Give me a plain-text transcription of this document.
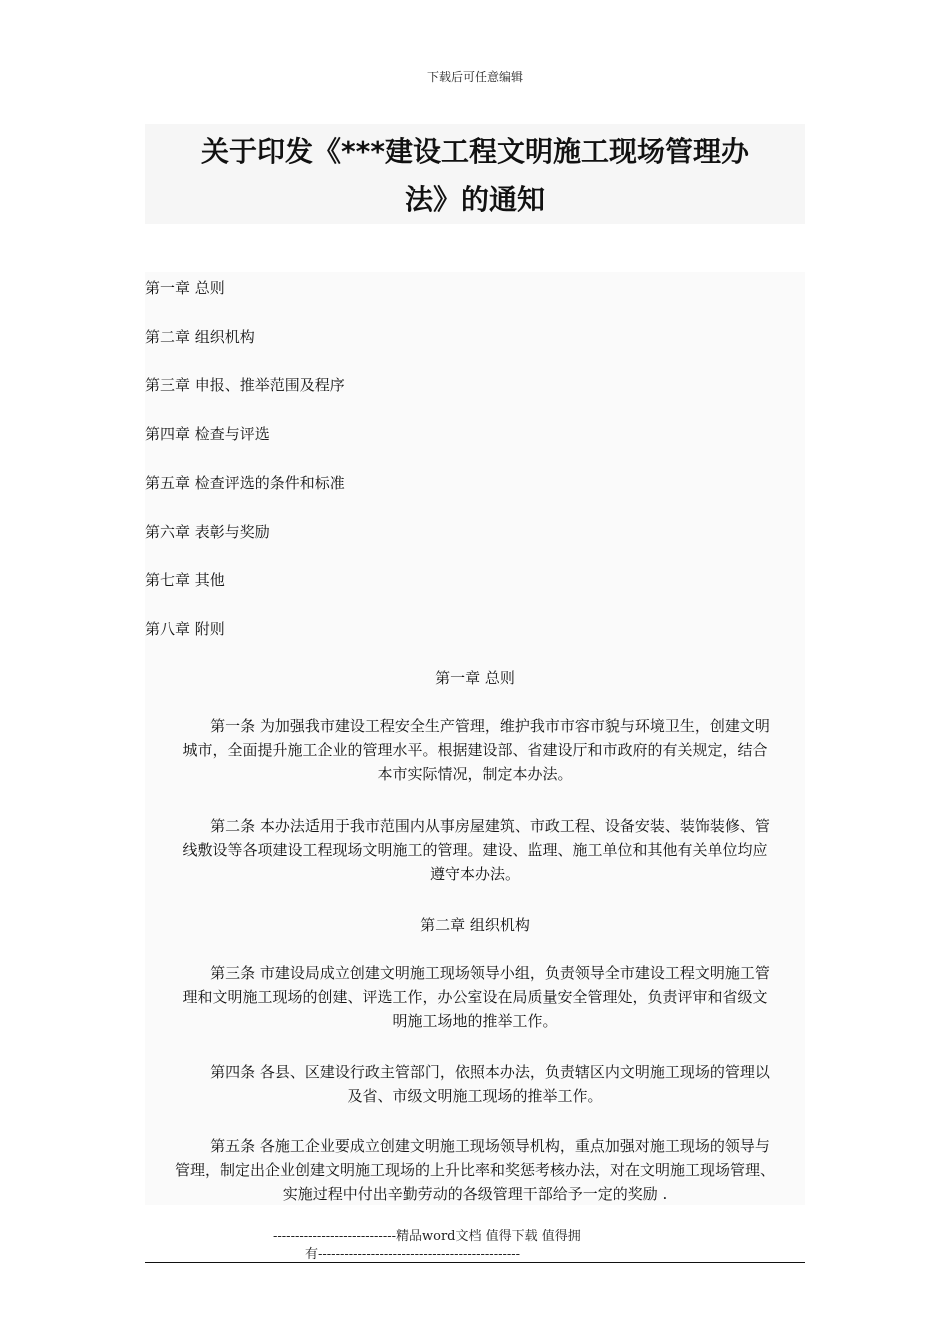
下载后可任意编辑
关于印发《***建设工程文明施工现场管理办
法》的通知
第一章 总则
第二章 组织机构
第三章 申报、推举范围及程序
第四章 检查与评选
第五章 检查评选的条件和标准
第六章 表彰与奖励
第七章 其他
第八章 附则
第一章 总则
　　第一条 为加强我市建设工程安全生产管理，维护我市市容市貌与环境卫生，创建文明
城市，全面提升施工企业的管理水平。根据建设部、省建设厅和市政府的有关规定，结合
本市实际情况，制定本办法。
　　第二条 本办法适用于我市范围内从事房屋建筑、市政工程、设备安装、装饰装修、管
线敷设等各项建设工程现场文明施工的管理。建设、监理、施工单位和其他有关单位均应
遵守本办法。
第二章 组织机构
　　第三条 市建设局成立创建文明施工现场领导小组，负责领导全市建设工程文明施工管
理和文明施工现场的创建、评选工作，办公室设在局质量安全管理处，负责评审和省级文
明施工场地的推举工作。
　　第四条 各县、区建设行政主管部门，依照本办法，负责辖区内文明施工现场的管理以
及省、市级文明施工现场的推举工作。
　　第五条 各施工企业要成立创建文明施工现场领导机构，重点加强对施工现场的领导与
管理，制定出企业创建文明施工现场的上升比率和奖惩考核办法，对在文明施工现场管理、
实施过程中付出辛勤劳动的各级管理干部给予一定的奖励 .
----------------------------精品word文档 值得下载 值得拥
有----------------------------------------------
